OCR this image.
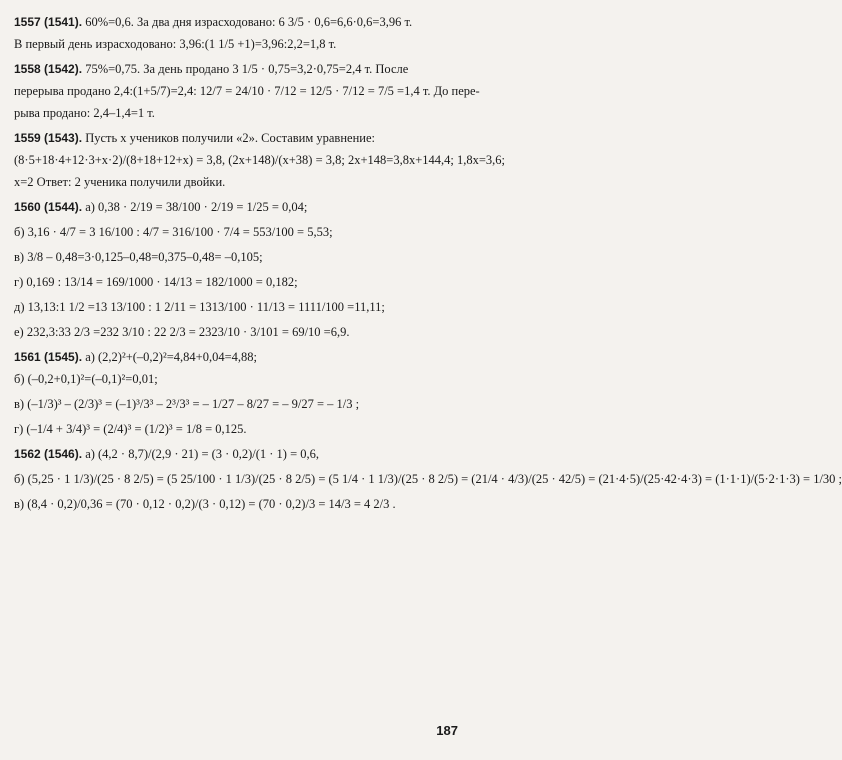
1557 (1541). 60%=0,6. За два дня израсходовано: 6 3/5 · 0,6=6,6·0,6=3,96 т.
В первый день израсходовано: 3,96:(1 1/5 +1)=3,96:2,2=1,8 т.
1558 (1542). 75%=0,75. За день продано 3 1/5 · 0,75=3,2·0,75=2,4 т. После
перерыва продано 2,4:(1+5/7)=2,4: 12/7 = 24/10 · 7/12 = 12/5 · 7/12 = 7/5 =1,4 т. До пере-
рыва продано: 2,4–1,4=1 т.
1559 (1543). Пусть x учеников получили «2». Составим уравнение:
(8·5+18·4+12·3+x·2)/(8+18+12+x) = 3,8, (2x+148)/(x+38) = 3,8; 2x+148=3,8x+144,4; 1,8x=3,6;
x=2 Ответ: 2 ученика получили двойки.
1560 (1544). а) 0,38 · 2/19 = 38/100 · 2/19 = 1/25 = 0,04;
б) 3,16 · 4/7 = 3 16/100 : 4/7 = 316/100 · 7/4 = 553/100 = 5,53;
в) 3/8 – 0,48=3·0,125–0,48=0,375–0,48= –0,105;
г) 0,169 : 13/14 = 169/1000 · 14/13 = 182/1000 = 0,182;
д) 13,13:1 1/2 =13 13/100 : 1 2/11 = 1313/100 · 11/13 = 1111/100 =11,11;
е) 232,3:33 2/3 =232 3/10 : 22 2/3 = 2323/10 · 3/101 = 69/10 =6,9.
1561 (1545). а) (2,2)²+(–0,2)²=4,84+0,04=4,88;
б) (–0,2+0,1)²=(–0,1)²=0,01;
в) (–1/3)³ – (2/3)³ = (–1)³/3³ – 2³/3³ = – 1/27 – 8/27 = – 9/27 = – 1/3 ;
г) (–1/4 + 3/4)³ = (2/4)³ = (1/2)³ = 1/8 = 0,125.
1562 (1546). а) (4,2 · 8,7)/(2,9 · 21) = (3 · 0,2)/(1 · 1) = 0,6,
б) (5,25 · 1 1/3)/(25 · 8 2/5) = (5 25/100 · 1 1/3)/(25 · 8 2/5) = (5 1/4 · 1 1/3)/(25 · 8 2/5) = (21/4 · 4/3)/(25 · 42/5) = (21·4·5)/(25·42·4·3) = (1·1·1)/(5·2·1·3) = 1/30 ;
в) (8,4 · 0,2)/0,36 = (70 · 0,12 · 0,2)/(3 · 0,12) = (70 · 0,2)/3 = 14/3 = 4 2/3 .
187
